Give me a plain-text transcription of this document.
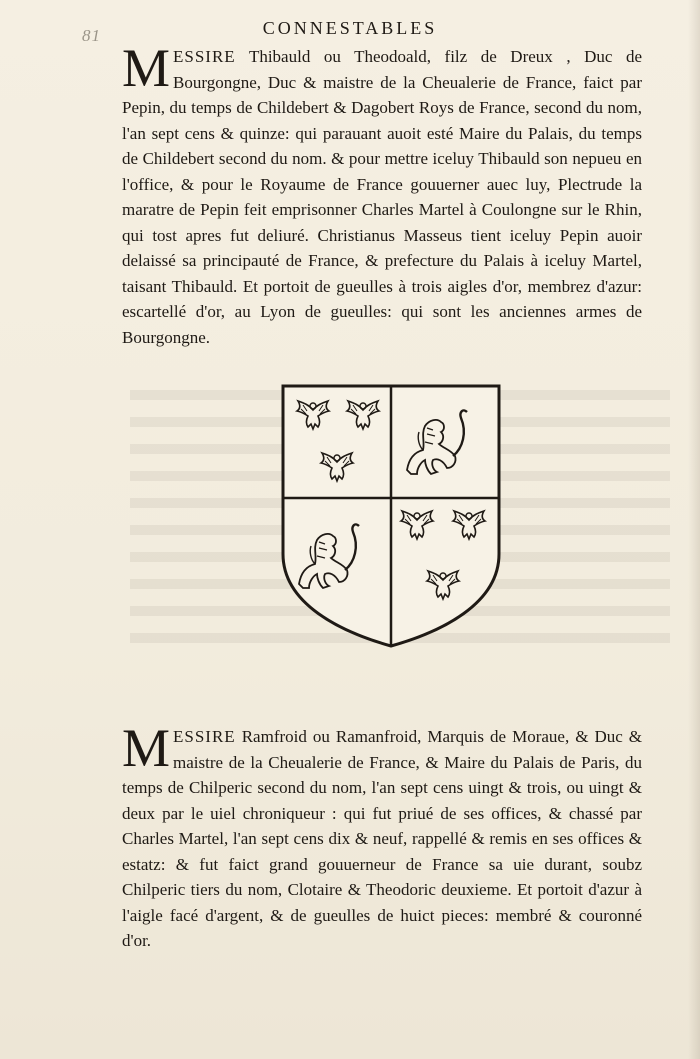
81	CONNESTABLES
MESSIRE Thibauld ou Theodoald, filz de Dreux , Duc de Bourgongne, Duc & maistre de la Cheualerie de France, faict par Pepin, du temps de Childebert & Dagobert Roys de France, second du nom, l'an sept cens & quinze: qui parauant auoit esté Maire du Palais, du temps de Childebert second du nom. & pour mettre iceluy Thibauld son nepueu en l'office, & pour le Royaume de France gouuerner auec luy, Plectrude la maratre de Pepin feit emprisonner Charles Martel à Coulongne sur le Rhin, qui tost apres fut deliuré. Christianus Masseus tient iceluy Pepin auoir delaissé sa principauté de France, & prefecture du Palais à iceluy Martel, taisant Thibauld. Et portoit de gueulles à trois aigles d'or, membrez d'azur: escartellé d'or, au Lyon de gueulles: qui sont les anciennes armes de Bourgongne.
MESSIRE Ramfroid ou Ramanfroid, Marquis de Moraue, & Duc & maistre de la Cheualerie de France, & Maire du Palais de Paris, du temps de Chilperic second du nom, l'an sept cens uingt & trois, ou uingt & deux par le uiel chroniqueur : qui fut priué de ses offices, & chassé par Charles Martel, l'an sept cens dix & neuf, rappellé & remis en ses offices & estatz: & fut faict grand gouuerneur de France sa uie durant, soubz Chilperic tiers du nom, Clotaire & Theodoric deuxieme. Et portoit d'azur à l'aigle facé d'argent, & de gueulles de huict pieces: membré & couronné d'or.
